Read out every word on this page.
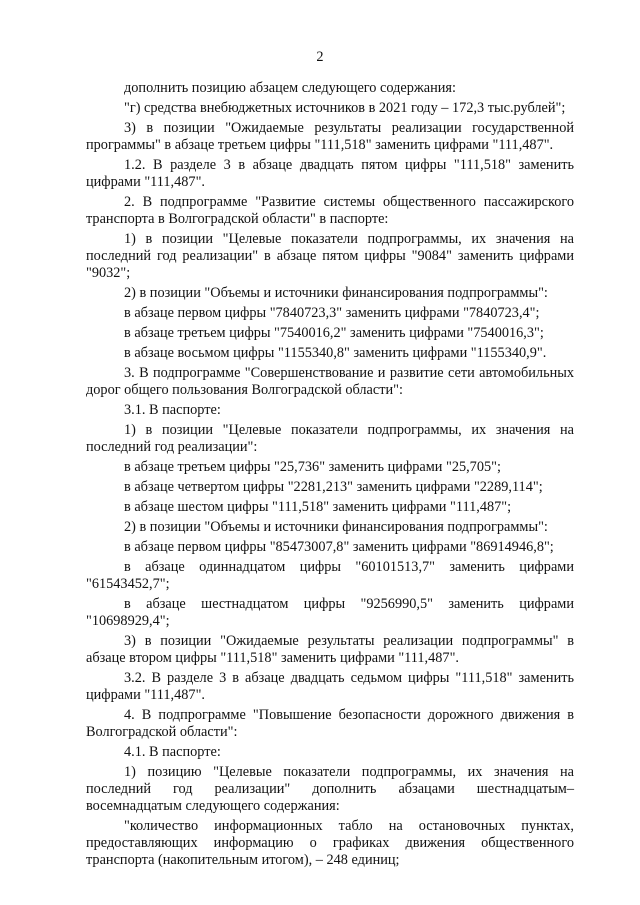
2

дополнить позицию абзацем следующего содержания:

"г) средства внебюджетных источников в 2021 году – 172,3 тыс.рублей";

3) в позиции "Ожидаемые результаты реализации государственной программы" в абзаце третьем цифры "111,518" заменить цифрами "111,487".

1.2. В разделе 3 в абзаце двадцать пятом цифры "111,518" заменить цифрами "111,487".

2. В подпрограмме "Развитие системы общественного пассажирского транспорта в Волгоградской области" в паспорте:

1) в позиции "Целевые показатели подпрограммы, их значения на последний год реализации" в абзаце пятом цифры "9084" заменить цифрами "9032";

2) в позиции "Объемы и источники финансирования подпрограммы":

в абзаце первом цифры "7840723,3" заменить цифрами "7840723,4";

в абзаце третьем цифры "7540016,2" заменить цифрами "7540016,3";

в абзаце восьмом цифры "1155340,8" заменить цифрами "1155340,9".

3. В подпрограмме "Совершенствование и развитие сети автомобильных дорог общего пользования Волгоградской области":

3.1. В паспорте:

1) в позиции "Целевые показатели подпрограммы, их значения на последний год реализации":

в абзаце третьем цифры "25,736" заменить цифрами "25,705";

в абзаце четвертом цифры "2281,213" заменить цифрами "2289,114";

в абзаце шестом цифры "111,518" заменить цифрами "111,487";

2) в позиции "Объемы и источники финансирования подпрограммы":

в абзаце первом цифры "85473007,8" заменить цифрами "86914946,8";

в абзаце одиннадцатом цифры "60101513,7" заменить цифрами "61543452,7";

в абзаце шестнадцатом цифры "9256990,5" заменить цифрами "10698929,4";

3) в позиции "Ожидаемые результаты реализации подпрограммы" в абзаце втором цифры "111,518" заменить цифрами "111,487".

3.2. В разделе 3 в абзаце двадцать седьмом цифры "111,518" заменить цифрами "111,487".

4. В подпрограмме "Повышение безопасности дорожного движения в Волгоградской области":

4.1. В паспорте:

1) позицию "Целевые показатели подпрограммы, их значения на последний год реализации" дополнить абзацами шестнадцатым–восемнадцатым следующего содержания:

"количество информационных табло на остановочных пунктах, предоставляющих информацию о графиках движения общественного транспорта (накопительным итогом), – 248 единиц;
